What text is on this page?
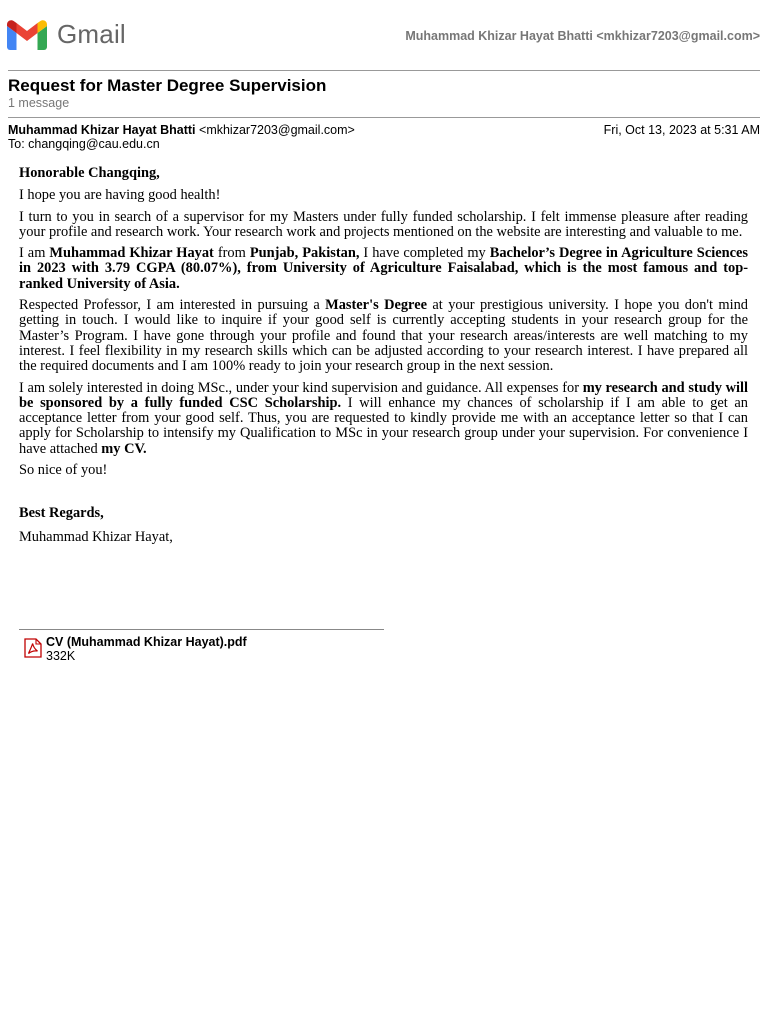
Gmail	Muhammad Khizar Hayat Bhatti <mkhizar7203@gmail.com>
Request for Master Degree Supervision
1 message
Muhammad Khizar Hayat Bhatti <mkhizar7203@gmail.com>	Fri, Oct 13, 2023 at 5:31 AM
To: changqing@cau.edu.cn

Honorable Changqing,

I hope you are having good health!

I turn to you in search of a supervisor for my Masters under fully funded scholarship. I felt immense pleasure after reading your profile and research work. Your research work and projects mentioned on the website are interesting and valuable to me.

I am Muhammad Khizar Hayat from Punjab, Pakistan, I have completed my Bachelor’s Degree in Agriculture Sciences in 2023 with 3.79 CGPA (80.07%), from University of Agriculture Faisalabad, which is the most famous and top-ranked University of Asia.

Respected Professor, I am interested in pursuing a Master's Degree at your prestigious university. I hope you don't mind getting in touch. I would like to inquire if your good self is currently accepting students in your research group for the Master’s Program. I have gone through your profile and found that your research areas/interests are well matching to my interest. I feel flexibility in my research skills which can be adjusted according to your research interest. I have prepared all the required documents and I am 100% ready to join your research group in the next session.

I am solely interested in doing MSc., under your kind supervision and guidance. All expenses for my research and study will be sponsored by a fully funded CSC Scholarship. I will enhance my chances of scholarship if I am able to get an acceptance letter from your good self. Thus, you are requested to kindly provide me with an acceptance letter so that I can apply for Scholarship to intensify my Qualification to MSc in your research group under your supervision. For convenience I have attached my CV.

So nice of you!

Best Regards,

Muhammad Khizar Hayat,

CV (Muhammad Khizar Hayat).pdf
332K
